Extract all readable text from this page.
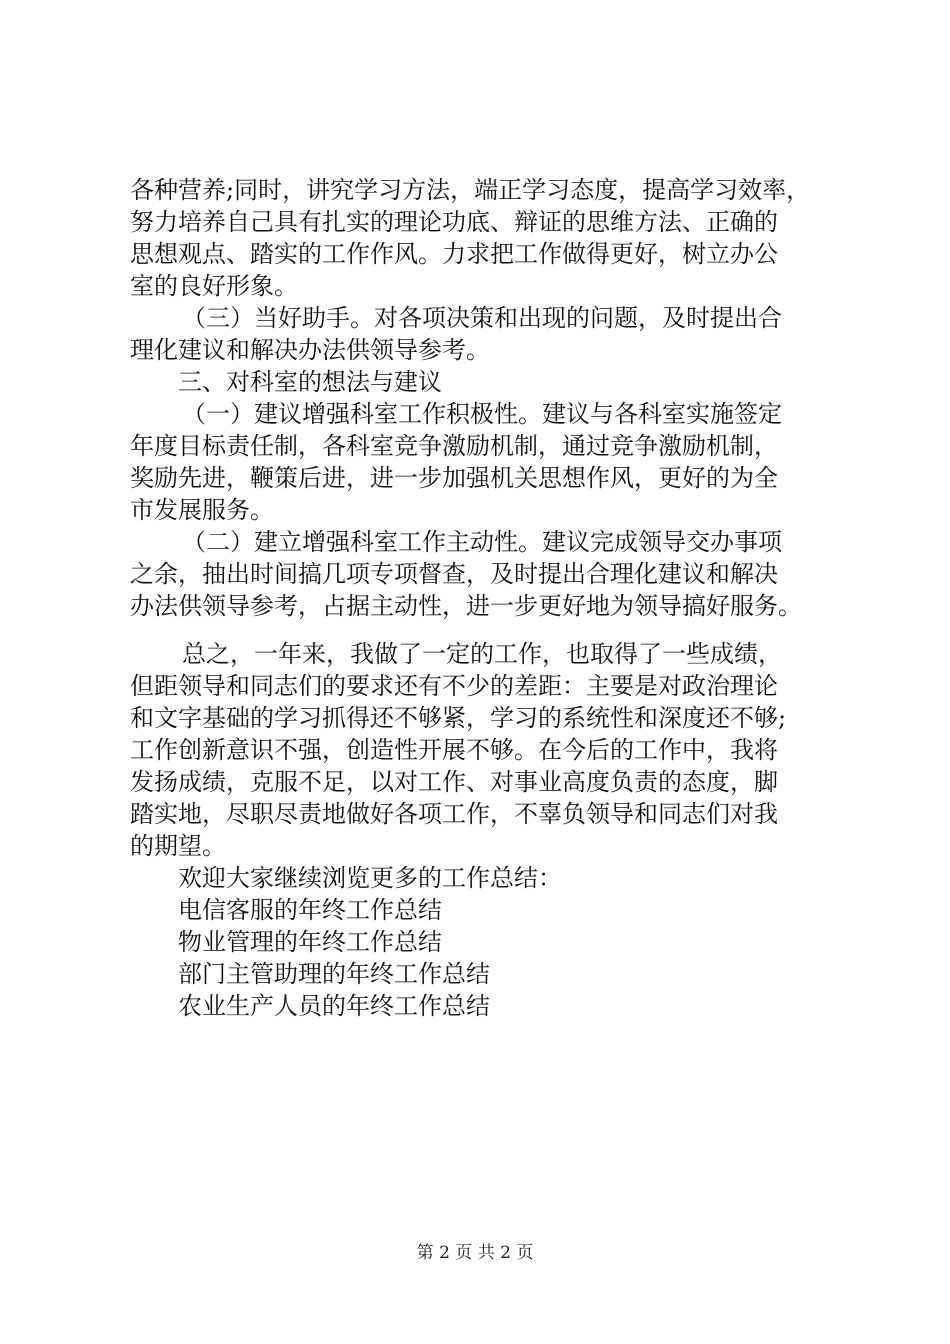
各种营养;同时，讲究学习方法，端正学习态度，提高学习效率，
努力培养自己具有扎实的理论功底、辩证的思维方法、正确的
思想观点、踏实的工作作风。力求把工作做得更好，树立办公
室的良好形象。
（三）当好助手。对各项决策和出现的问题，及时提出合
理化建议和解决办法供领导参考。
三、对科室的想法与建议
（一）建议增强科室工作积极性。建议与各科室实施签定
年度目标责任制，各科室竞争激励机制，通过竞争激励机制，
奖励先进，鞭策后进，进一步加强机关思想作风，更好的为全
市发展服务。
（二）建立增强科室工作主动性。建议完成领导交办事项
之余，抽出时间搞几项专项督查，及时提出合理化建议和解决
办法供领导参考，占据主动性，进一步更好地为领导搞好服务。
总之，一年来，我做了一定的工作，也取得了一些成绩，
但距领导和同志们的要求还有不少的差距：主要是对政治理论
和文字基础的学习抓得还不够紧，学习的系统性和深度还不够;
工作创新意识不强，创造性开展不够。在今后的工作中，我将
发扬成绩，克服不足，以对工作、对事业高度负责的态度，脚
踏实地，尽职尽责地做好各项工作，不辜负领导和同志们对我
的期望。
欢迎大家继续浏览更多的工作总结：
电信客服的年终工作总结
物业管理的年终工作总结
部门主管助理的年终工作总结
农业生产人员的年终工作总结
第 2 页 共 2 页
